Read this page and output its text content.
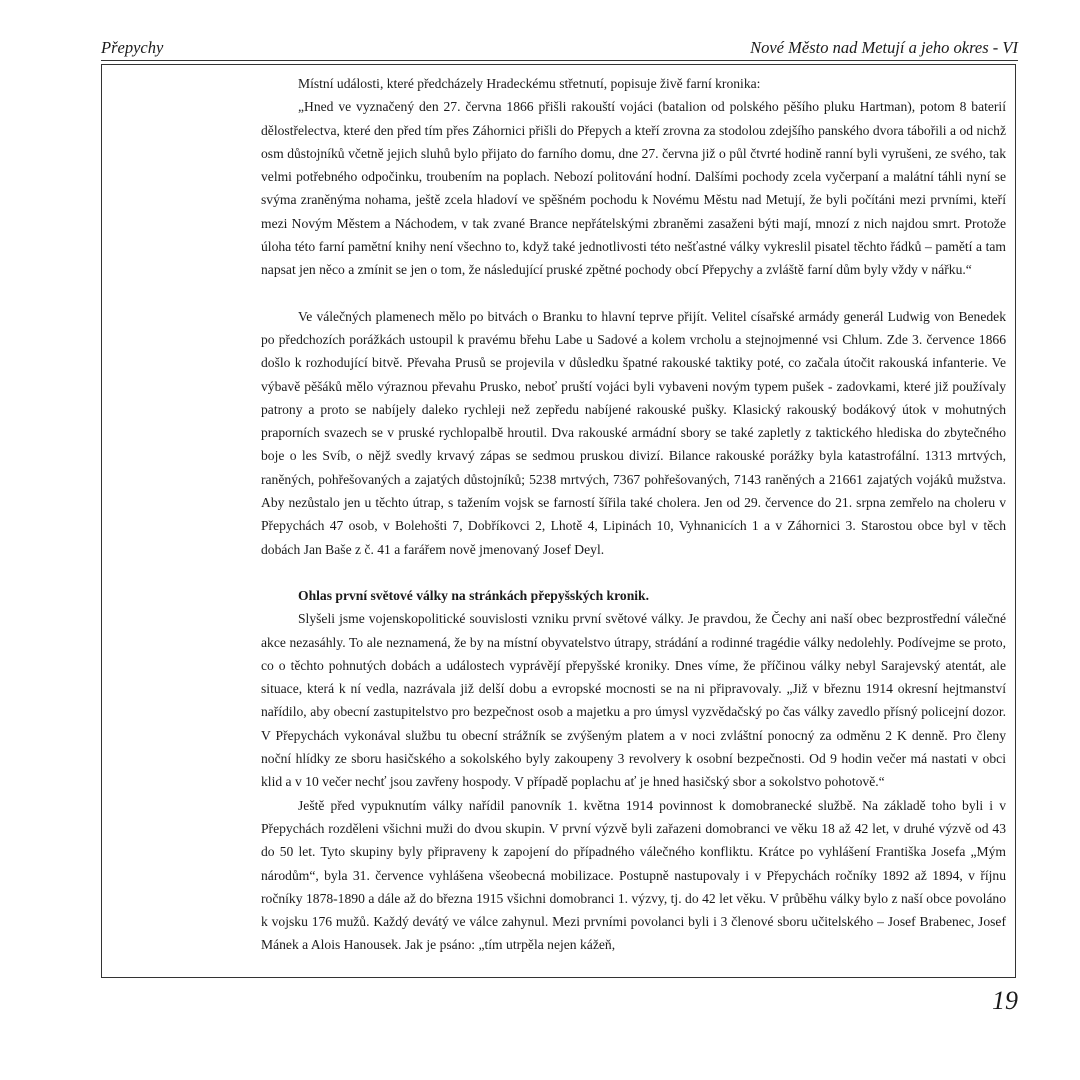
Přepychy	Nové Město nad Metují a jeho okres - VI

Místní události, které předcházely Hradeckému střetnutí, popisuje živě farní kronika:

„Hned ve vyznačený den 27. června 1866 přišli rakouští vojáci (batalion od polského pěšího pluku Hartman), potom 8 baterií dělostřelectva, které den před tím přes Záhornici přišli do Přepych a kteří zrovna za stodolou zdejšího panského dvora tábořili a od nichž osm důstojníků včetně jejich sluhů bylo přijato do farního domu, dne 27. června již o půl čtvrté hodině ranní byli vyrušeni, ze svého, tak velmi potřebného odpočinku, troubením na poplach. Nebozí politování hodní. Dalšími pochody zcela vyčerpaní a malátní táhli nyní se svýma zraněnýma nohama, ještě zcela hladoví ve spěšném pochodu k Novému Městu nad Metují, že byli počítáni mezi prvními, kteří mezi Novým Městem a Náchodem, v tak zvané Brance nepřátelskými zbraněmi zasaženi býti mají, mnozí z nich najdou smrt. Protože úloha této farní pamětní knihy není všechno to, když také jednotlivosti této nešťastné války vykreslil pisatel těchto řádků – pamětí a tam napsat jen něco a zmínit se jen o tom, že následující pruské zpětné pochody obcí Přepychy a zvláště farní dům byly vždy v nářku.“

Ve válečných plamenech mělo po bitvách o Branku to hlavní teprve přijít. Velitel císařské armády generál Ludwig von Benedek po předchozích porážkách ustoupil k pravému břehu Labe u Sadové a kolem vrcholu a stejnojmenné vsi Chlum. Zde 3. července 1866 došlo k rozhodující bitvě. Převaha Prusů se projevila v důsledku špatné rakouské taktiky poté, co začala útočit rakouská infanterie. Ve výbavě pěšáků mělo výraznou převahu Prusko, neboť pruští vojáci byli vybaveni novým typem pušek - zadovkami, které již používaly patrony a proto se nabíjely daleko rychleji než zepředu nabíjené rakouské pušky. Klasický rakouský bodákový útok v mohutných praporních svazech se v pruské rychlopalbě hroutil. Dva rakouské armádní sbory se také zapletly z taktického hlediska do zbytečného boje o les Svíb, o nějž svedly krvavý zápas se sedmou pruskou divizí. Bilance rakouské porážky byla katastrofální. 1313 mrtvých, raněných, pohřešovaných a zajatých důstojníků; 5238 mrtvých, 7367 pohřešovaných, 7143 raněných a 21661 zajatých vojáků mužstva. Aby nezůstalo jen u těchto útrap, s tažením vojsk se farností šířila také cholera. Jen od 29. července do 21. srpna zemřelo na choleru v Přepychách 47 osob, v Bolehošti 7, Dobříkovci 2, Lhotě 4, Lipinách 10, Vyhnanicích 1 a v Záhornici 3. Starostou obce byl v těch dobách Jan Baše z č. 41 a farářem nově jmenovaný Josef Deyl.

Ohlas první světové války na stránkách přepyšských kronik.

Slyšeli jsme vojenskopolitické souvislosti vzniku první světové války. Je pravdou, že Čechy ani naší obec bezprostřední válečné akce nezasáhly. To ale neznamená, že by na místní obyvatelstvo útrapy, strádání a rodinné tragédie války nedolehly. Podívejme se proto, co o těchto pohnutých dobách a událostech vyprávějí přepyšské kroniky. Dnes víme, že příčinou války nebyl Sarajevský atentát, ale situace, která k ní vedla, nazrávala již delší dobu a evropské mocnosti se na ni připravovaly. „Již v březnu 1914 okresní hejtmanství nařídilo, aby obecní zastupitelstvo pro bezpečnost osob a majetku a pro úmysl vyzvědačský po čas války zavedlo přísný policejní dozor. V Přepychách vykonával službu tu obecní strážník se zvýšeným platem a v noci zvláštní ponocný za odměnu 2 K denně. Pro členy noční hlídky ze sboru hasičského a sokolského byly zakoupeny 3 revolvery k osobní bezpečnosti. Od 9 hodin večer má nastati v obci klid a v 10 večer nechť jsou zavřeny hospody. V případě poplachu ať je hned hasičský sbor a sokolstvo pohotově.“

Ještě před vypuknutím války nařídil panovník 1. května 1914 povinnost k domobranecké službě. Na základě toho byli i v Přepychách rozděleni všichni muži do dvou skupin. V první výzvě byli zařazeni domobranci ve věku 18 až 42 let, v druhé výzvě od 43 do 50 let. Tyto skupiny byly připraveny k zapojení do případného válečného konfliktu. Krátce po vyhlášení Františka Josefa „Mým národům“, byla 31. července vyhlášena všeobecná mobilizace. Postupně nastupovaly i v Přepychách ročníky 1892 až 1894, v říjnu ročníky 1878-1890 a dále až do března 1915 všichni domobranci 1. výzvy, tj. do 42 let věku. V průběhu války bylo z naší obce povoláno k vojsku 176 mužů. Každý devátý ve válce zahynul. Mezi prvními povolanci byli i 3 členové sboru učitelského – Josef Brabenec, Josef Mánek a Alois Hanousek. Jak je psáno: „tím utrpěla nejen kážeň,

19
